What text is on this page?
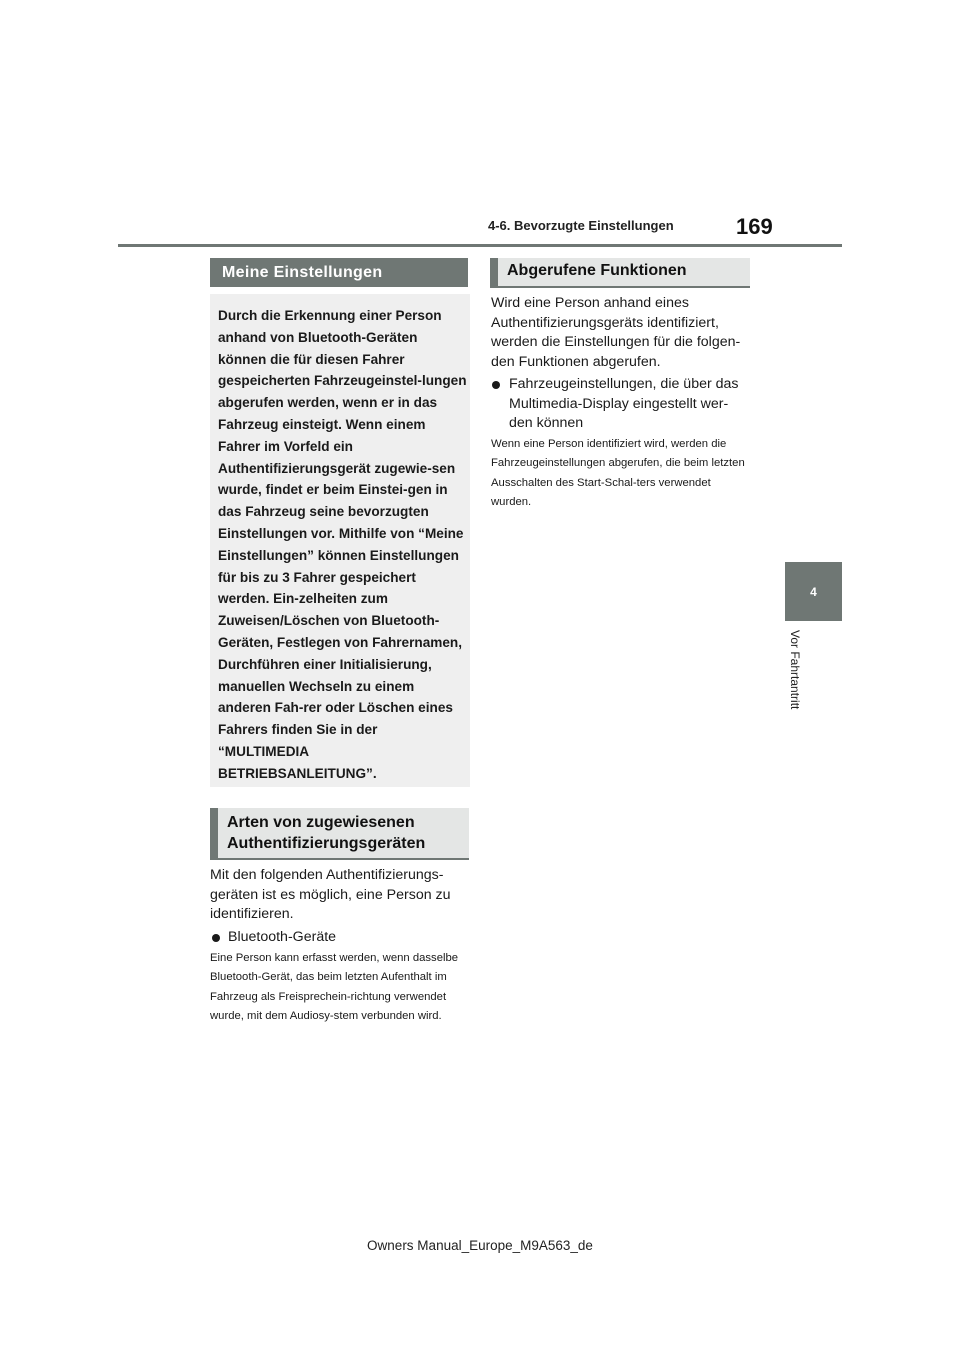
4-6. Bevorzugte Einstellungen	169
4
Vor Fahrtantritt
Meine Einstellungen

Durch die Erkennung einer Person anhand von Bluetooth-Geräten können die für diesen Fahrer gespeicherten Fahrzeugeinstel-lungen abgerufen werden, wenn er in das Fahrzeug einsteigt. Wenn einem Fahrer im Vorfeld ein Authentifizierungsgerät zugewie-sen wurde, findet er beim Einstei-gen in das Fahrzeug seine bevorzugten Einstellungen vor. Mithilfe von “Meine Einstellungen” können Einstellungen für bis zu 3 Fahrer gespeichert werden. Ein-zelheiten zum Zuweisen/Löschen von Bluetooth-Geräten, Festlegen von Fahrernamen, Durchführen einer Initialisierung, manuellen Wechseln zu einem anderen Fah-rer oder Löschen eines Fahrers finden Sie in der “MULTIMEDIA BETRIEBSANLEITUNG”.

Arten von zugewiesenen Authentifizierungsgeräten

Mit den folgenden Authentifizierungs-geräten ist es möglich, eine Person zu identifizieren.

Bluetooth-Geräte

Eine Person kann erfasst werden, wenn dasselbe Bluetooth-Gerät, das beim letzten Aufenthalt im Fahrzeug als Freisprechein-richtung verwendet wurde, mit dem Audiosy-stem verbunden wird.

Abgerufene Funktionen

Wird eine Person anhand eines Authentifizierungsgeräts identifiziert, werden die Einstellungen für die folgen-den Funktionen abgerufen.

Fahrzeugeinstellungen, die über das Multimedia-Display eingestellt wer-den können

Wenn eine Person identifiziert wird, werden die Fahrzeugeinstellungen abgerufen, die beim letzten Ausschalten des Start-Schal-ters verwendet wurden.

Owners Manual_Europe_M9A563_de
